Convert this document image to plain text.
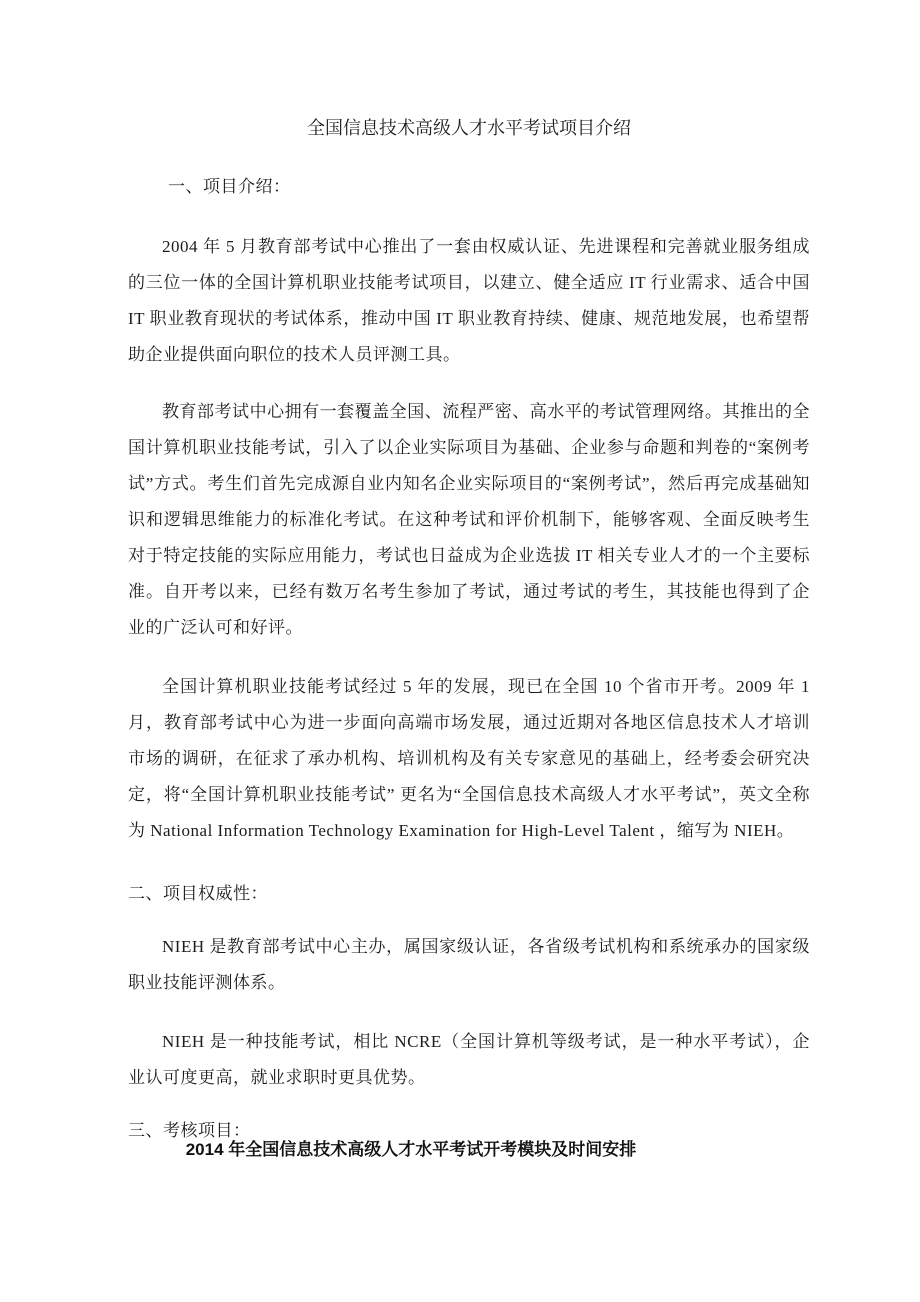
全国信息技术高级人才水平考试项目介绍
一、项目介绍：
2004 年 5 月教育部考试中心推出了一套由权威认证、先进课程和完善就业服务组成的三位一体的全国计算机职业技能考试项目，以建立、健全适应 IT 行业需求、适合中国 IT 职业教育现状的考试体系，推动中国 IT 职业教育持续、健康、规范地发展，也希望帮助企业提供面向职位的技术人员评测工具。
教育部考试中心拥有一套覆盖全国、流程严密、高水平的考试管理网络。其推出的全国计算机职业技能考试，引入了以企业实际项目为基础、企业参与命题和判卷的“案例考试”方式。考生们首先完成源自业内知名企业实际项目的“案例考试”，然后再完成基础知识和逻辑思维能力的标准化考试。在这种考试和评价机制下，能够客观、全面反映考生对于特定技能的实际应用能力，考试也日益成为企业选拔 IT 相关专业人才的一个主要标准。自开考以来，已经有数万名考生参加了考试，通过考试的考生，其技能也得到了企业的广泛认可和好评。
全国计算机职业技能考试经过 5 年的发展，现已在全国 10 个省市开考。2009 年 1 月，教育部考试中心为进一步面向高端市场发展，通过近期对各地区信息技术人才培训市场的调研，在征求了承办机构、培训机构及有关专家意见的基础上，经考委会研究决定，将“全国计算机职业技能考试” 更名为“全国信息技术高级人才水平考试”，英文全称为 National Information Technology Examination for High-Level Talent ，缩写为 NIEH。
二、项目权威性：
NIEH 是教育部考试中心主办，属国家级认证，各省级考试机构和系统承办的国家级职业技能评测体系。
NIEH 是一种技能考试，相比 NCRE（全国计算机等级考试，是一种水平考试），企业认可度更高，就业求职时更具优势。
三、考核项目：
2014 年全国信息技术高级人才水平考试开考模块及时间安排
